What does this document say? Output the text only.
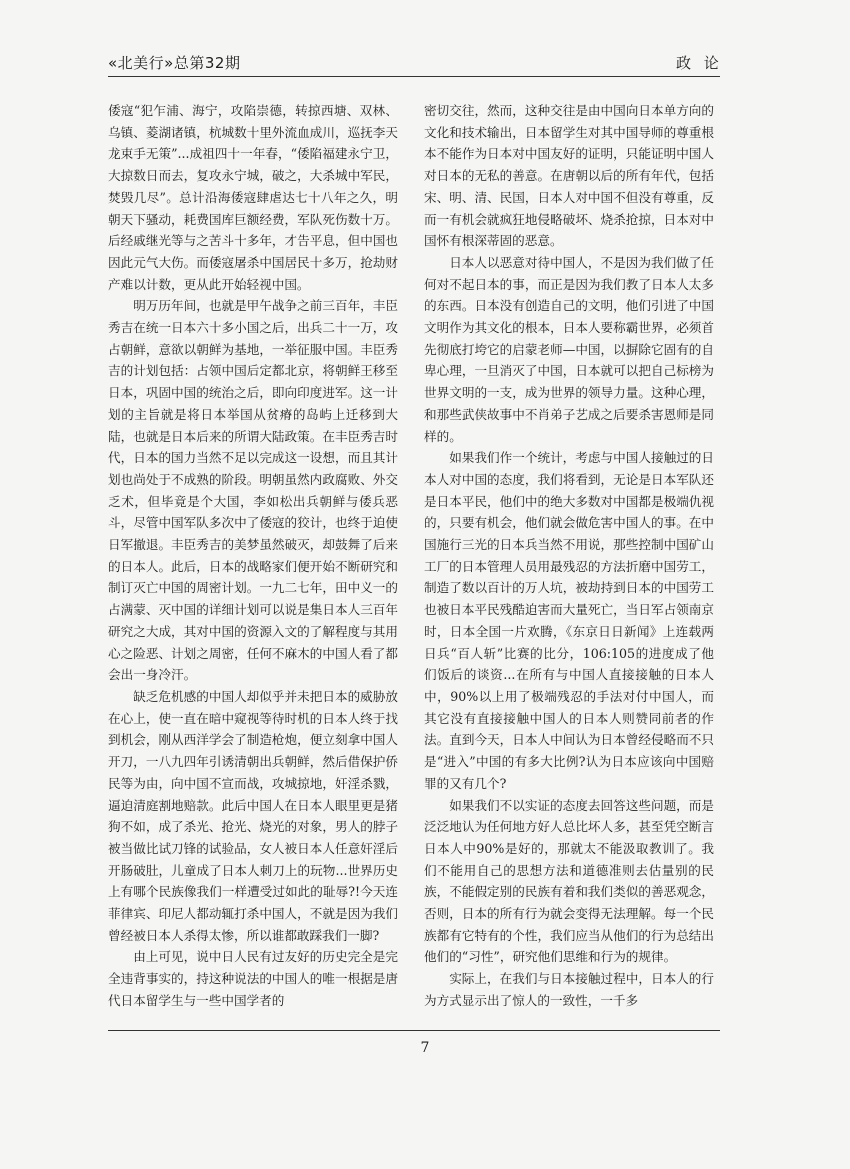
«北美行»总第32期	政 论

倭寇“犯乍浦、海宁，攻陷崇德，转掠西塘、双林、乌镇、菱湖诸镇，杭城数十里外流血成川，巡抚李天龙束手无策”...成祖四十一年春，“倭陷福建永宁卫，大掠数日而去，复攻永宁城，破之，大杀城中军民，焚毁几尽”。总计沿海倭寇肆虐达七十八年之久，明朝天下骚动，耗费国库巨额经费，军队死伤数十万。后经戚继光等与之苦斗十多年，才告平息，但中国也因此元气大伤。而倭寇屠杀中国居民十多万，抢劫财产难以计数，更从此开始轻视中国。

明万历年间，也就是甲午战争之前三百年，丰臣秀吉在统一日本六十多小国之后，出兵二十一万，攻占朝鲜，意欲以朝鲜为基地，一举征服中国。丰臣秀吉的计划包括：占领中国后定都北京，将朝鲜王移至日本，巩固中国的统治之后，即向印度进军。这一计划的主旨就是将日本举国从贫瘠的岛屿上迁移到大陆，也就是日本后来的所谓大陆政策。在丰臣秀吉时代，日本的国力当然不足以完成这一设想，而且其计划也尚处于不成熟的阶段。明朝虽然内政腐败、外交乏术，但毕竟是个大国，李如松出兵朝鲜与倭兵恶斗，尽管中国军队多次中了倭寇的狡计，也终于迫使日军撤退。丰臣秀吉的美梦虽然破灭，却鼓舞了后来的日本人。此后，日本的战略家们便开始不断研究和制订灭亡中国的周密计划。一九二七年，田中义一的占满蒙、灭中国的详细计划可以说是集日本人三百年研究之大成，其对中国的资源入文的了解程度与其用心之险恶、计划之周密，任何不麻木的中国人看了都会出一身冷汗。

缺乏危机感的中国人却似乎并未把日本的威胁放在心上，使一直在暗中窥视等待时机的日本人终于找到机会，刚从西洋学会了制造枪炮，便立刻拿中国人开刀，一八九四年引诱清朝出兵朝鲜，然后借保护侨民等为由，向中国不宣而战，攻城掠地，奸淫杀戮，逼迫清庭割地赔款。此后中国人在日本人眼里更是猪狗不如，成了杀光、抢光、烧光的对象，男人的脖子被当做比试刀锋的试验品，女人被日本人任意奸淫后开肠破肚，儿童成了日本人刺刀上的玩物...世界历史上有哪个民族像我们一样遭受过如此的耻辱?!今天连菲律宾、印尼人都动辄打杀中国人，不就是因为我们曾经被日本人杀得太惨，所以谁都敢踩我们一脚?

由上可见，说中日人民有过友好的历史完全是完全违背事实的，持这种说法的中国人的唯一根据是唐代日本留学生与一些中国学者的

密切交往，然而，这种交往是由中国向日本单方向的文化和技术输出，日本留学生对其中国导师的尊重根本不能作为日本对中国友好的证明，只能证明中国人对日本的无私的善意。在唐朝以后的所有年代，包括宋、明、清、民国，日本人对中国不但没有尊重，反而一有机会就疯狂地侵略破坏、烧杀抢掠，日本对中国怀有根深蒂固的恶意。

日本人以恶意对待中国人，不是因为我们做了任何对不起日本的事，而正是因为我们教了日本人太多的东西。日本没有创造自己的文明，他们引进了中国文明作为其文化的根本，日本人要称霸世界，必须首先彻底打垮它的启蒙老师—中国，以摒除它固有的自卑心理，一旦消灭了中国，日本就可以把自己标榜为世界文明的一支，成为世界的领导力量。这种心理，和那些武侠故事中不肖弟子艺成之后要杀害恩师是同样的。

如果我们作一个统计，考虑与中国人接触过的日本人对中国的态度，我们将看到，无论是日本军队还是日本平民，他们中的绝大多数对中国都是极端仇视的，只要有机会，他们就会做危害中国人的事。在中国施行三光的日本兵当然不用说，那些控制中国矿山工厂的日本管理人员用最残忍的方法折磨中国劳工，制造了数以百计的万人坑，被劫持到日本的中国劳工也被日本平民残酷迫害而大量死亡，当日军占领南京时，日本全国一片欢腾，《东京日日新闻》上连载两日兵“百人斩”比赛的比分，106:105的进度成了他们饭后的谈资...在所有与中国人直接接触的日本人中，90%以上用了极端残忍的手法对付中国人，而其它没有直接接触中国人的日本人则赞同前者的作法。直到今天，日本人中间认为日本曾经侵略而不只是“进入”中国的有多大比例?认为日本应该向中国赔罪的又有几个?

如果我们不以实证的态度去回答这些问题，而是泛泛地认为任何地方好人总比坏人多，甚至凭空断言日本人中90%是好的，那就太不能汲取教训了。我们不能用自己的思想方法和道德准则去估量别的民族，不能假定别的民族有着和我们类似的善恶观念，否则，日本的所有行为就会变得无法理解。每一个民族都有它特有的个性，我们应当从他们的行为总结出他们的“习性”，研究他们思维和行为的规律。

实际上，在我们与日本接触过程中，日本人的行为方式显示出了惊人的一致性，一千多

7
